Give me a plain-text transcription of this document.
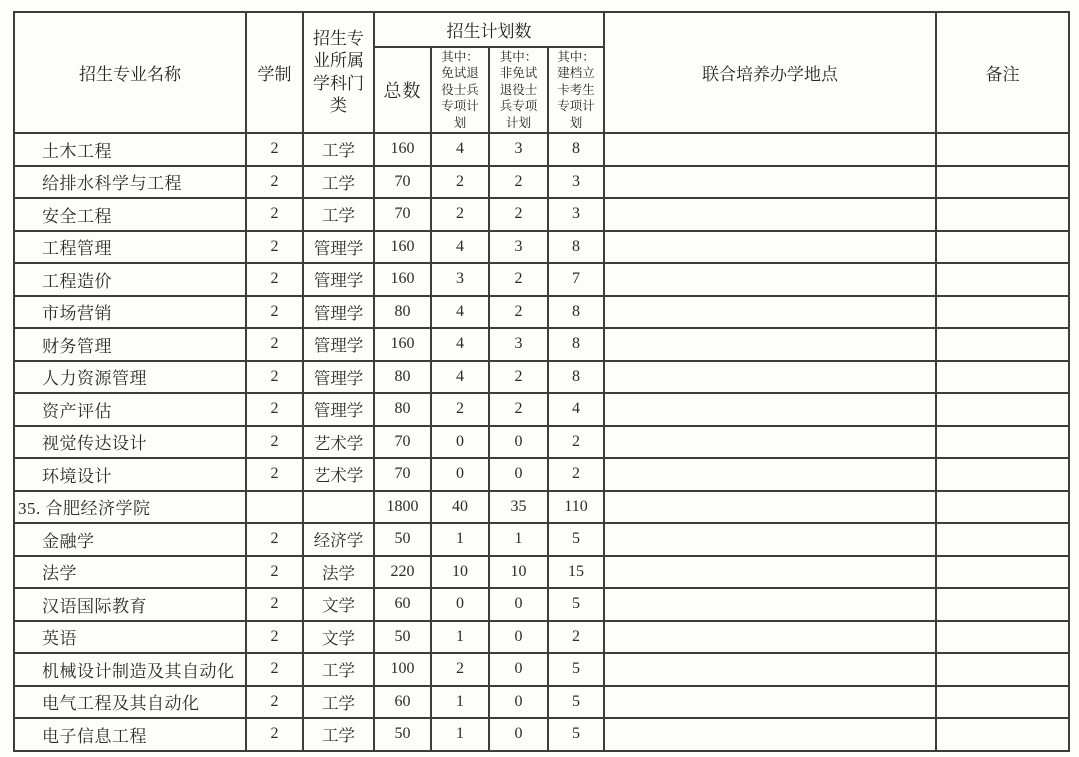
招生专业名称	学制	招生专业所属学科门类	招生计划数				联合培养办学地点	备注
			总数	其中：免试退役士兵专项计划	其中：非免试退役士兵专项计划	其中：建档立卡考生专项计划		
土木工程	2	工学	160	4	3	8		
给排水科学与工程	2	工学	70	2	2	3		
安全工程	2	工学	70	2	2	3		
工程管理	2	管理学	160	4	3	8		
工程造价	2	管理学	160	3	2	7		
市场营销	2	管理学	80	4	2	8		
财务管理	2	管理学	160	4	3	8		
人力资源管理	2	管理学	80	4	2	8		
资产评估	2	管理学	80	2	2	4		
视觉传达设计	2	艺术学	70	0	0	2		
环境设计	2	艺术学	70	0	0	2		
35. 合肥经济学院			1800	40	35	110		
金融学	2	经济学	50	1	1	5		
法学	2	法学	220	10	10	15		
汉语国际教育	2	文学	60	0	0	5		
英语	2	文学	50	1	0	2		
机械设计制造及其自动化	2	工学	100	2	0	5		
电气工程及其自动化	2	工学	60	1	0	5		
电子信息工程	2	工学	50	1	0	5		
